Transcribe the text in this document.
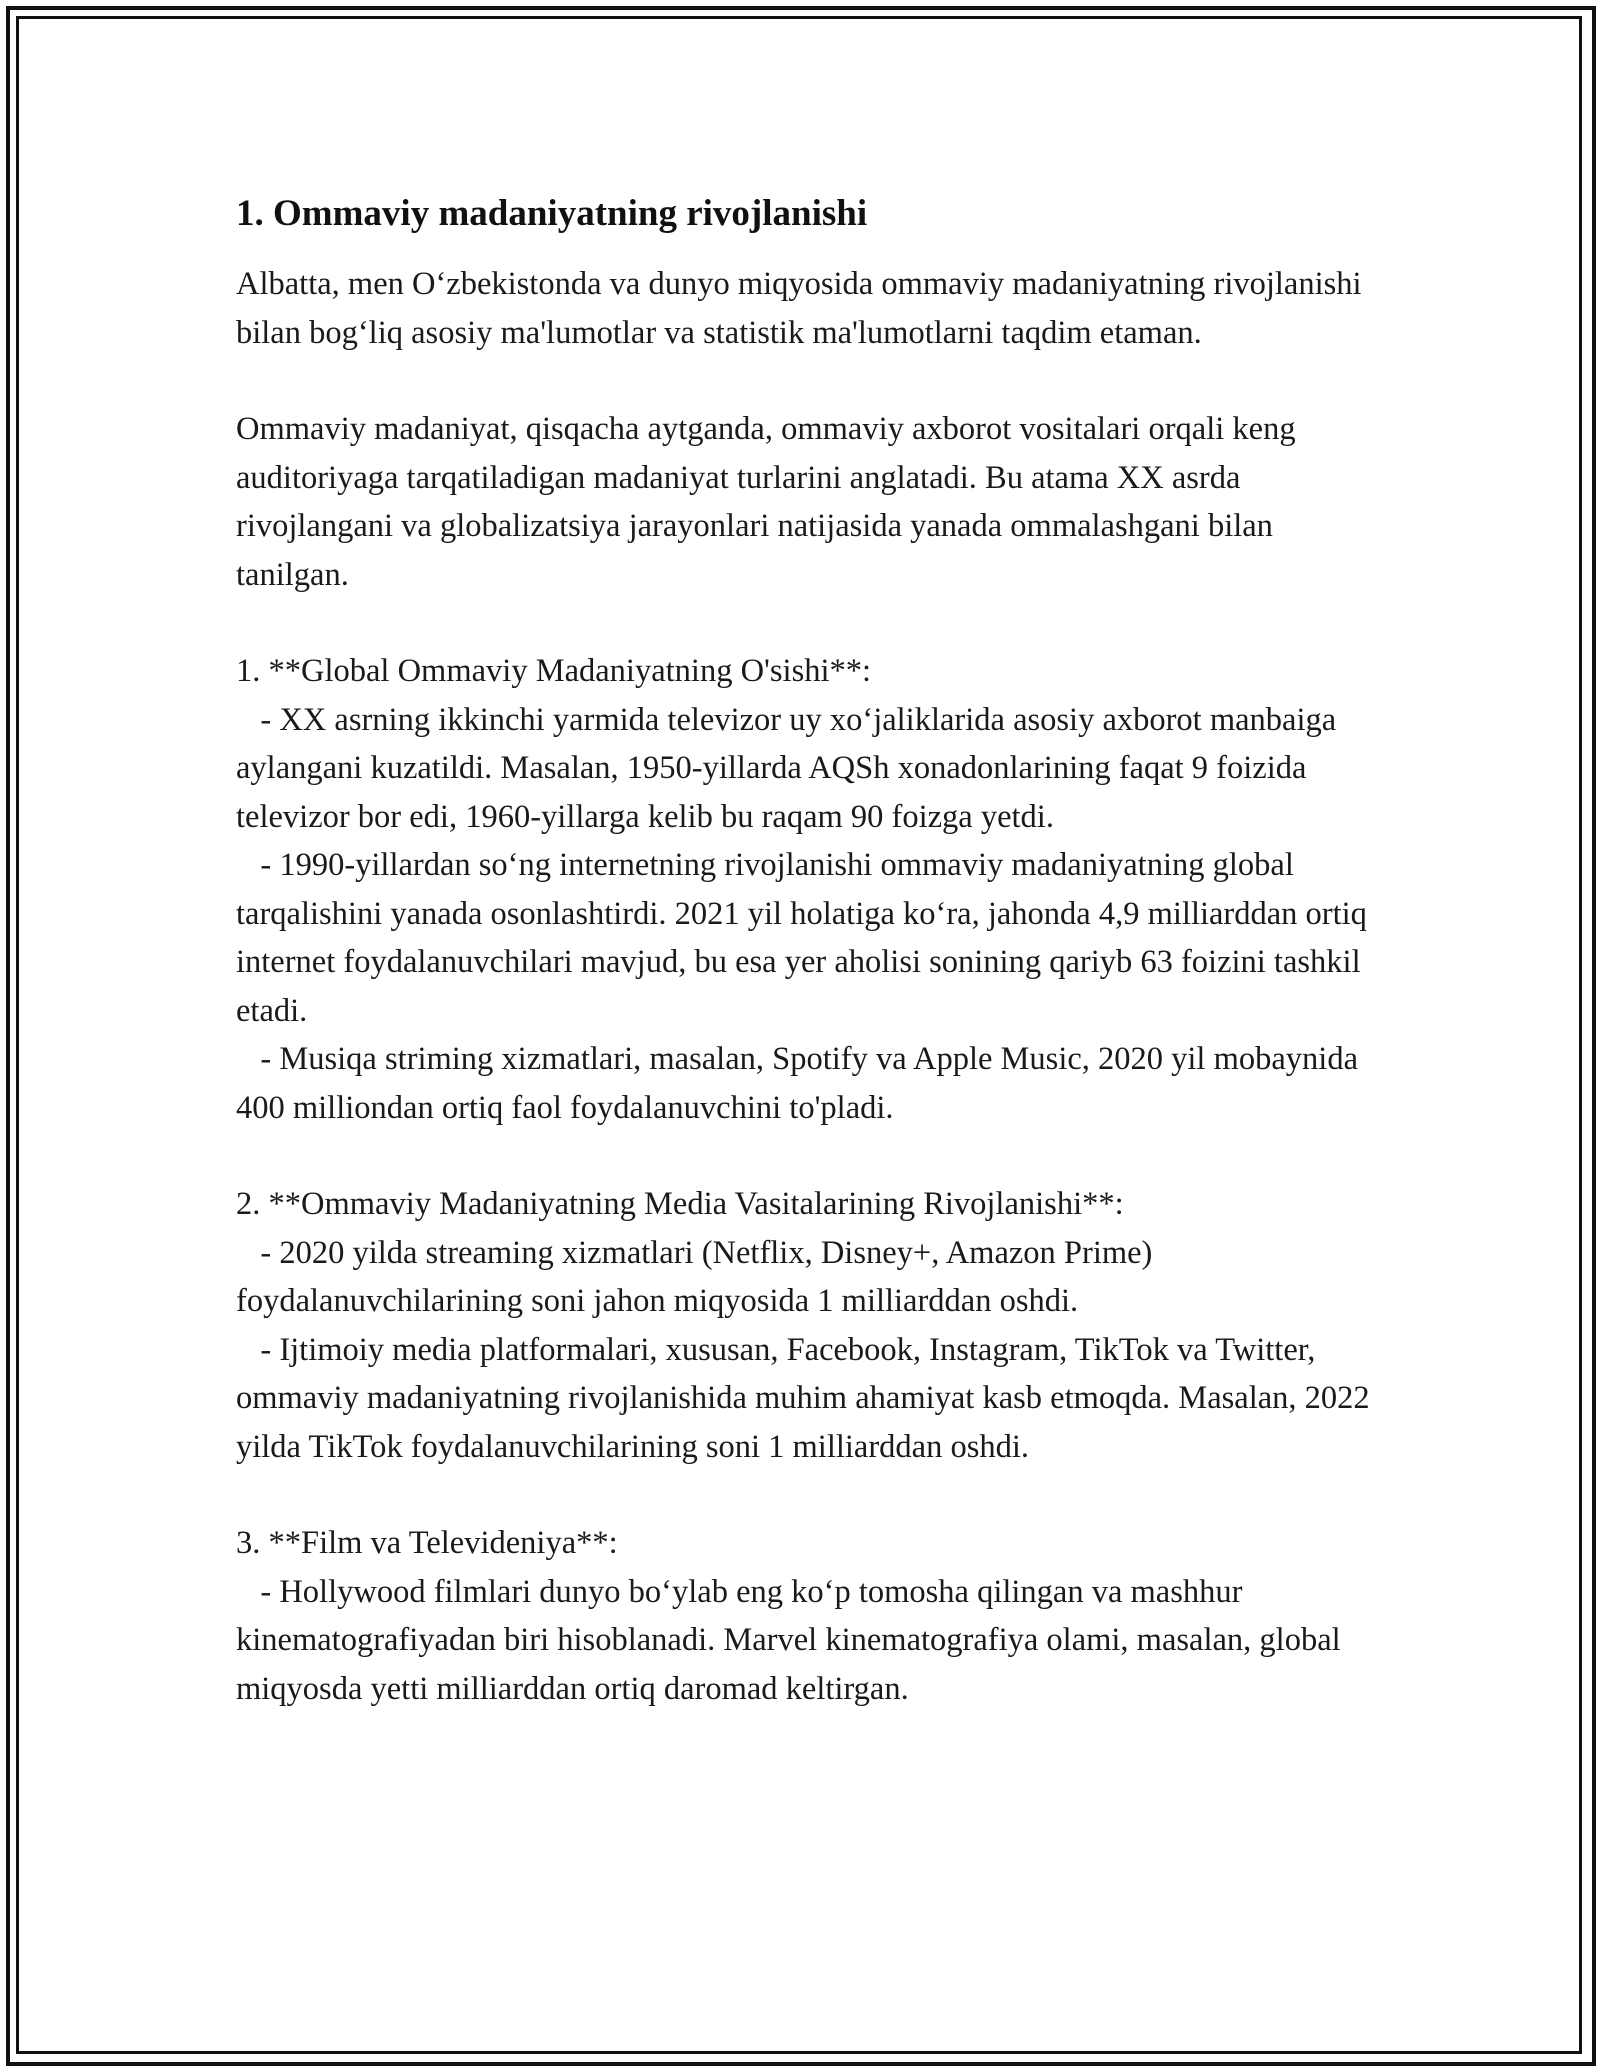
1. Ommaviy madaniyatning rivojlanishi

Albatta, men O‘zbekistonda va dunyo miqyosida ommaviy madaniyatning rivojlanishi bilan bog‘liq asosiy ma'lumotlar va statistik ma'lumotlarni taqdim etaman.

Ommaviy madaniyat, qisqacha aytganda, ommaviy axborot vositalari orqali keng auditoriyaga tarqatiladigan madaniyat turlarini anglatadi. Bu atama XX asrda rivojlangani va globalizatsiya jarayonlari natijasida yanada ommalashgani bilan tanilgan.

1. **Global Ommaviy Madaniyatning O'sishi**:
- XX asrning ikkinchi yarmida televizor uy xo‘jaliklarida asosiy axborot manbaiga aylangani kuzatildi. Masalan, 1950-yillarda AQSh xonadonlarining faqat 9 foizida televizor bor edi, 1960-yillarga kelib bu raqam 90 foizga yetdi.
- 1990-yillardan so‘ng internetning rivojlanishi ommaviy madaniyatning global tarqalishini yanada osonlashtirdi. 2021 yil holatiga ko‘ra, jahonda 4,9 milliarddan ortiq internet foydalanuvchilari mavjud, bu esa yer aholisi sonining qariyb 63 foizini tashkil etadi.
- Musiqa striming xizmatlari, masalan, Spotify va Apple Music, 2020 yil mobaynida 400 milliondan ortiq faol foydalanuvchini to'pladi.
2. **Ommaviy Madaniyatning Media Vasitalarining Rivojlanishi**:
- 2020 yilda streaming xizmatlari (Netflix, Disney+, Amazon Prime) foydalanuvchilarining soni jahon miqyosida 1 milliarddan oshdi.
- Ijtimoiy media platformalari, xususan, Facebook, Instagram, TikTok va Twitter, ommaviy madaniyatning rivojlanishida muhim ahamiyat kasb etmoqda. Masalan, 2022 yilda TikTok foydalanuvchilarining soni 1 milliarddan oshdi.
3. **Film va Televideniya**:
- Hollywood filmlari dunyo bo‘ylab eng ko‘p tomosha qilingan va mashhur kinematografiyadan biri hisoblanadi. Marvel kinematografiya olami, masalan, global miqyosda yetti milliarddan ortiq daromad keltirgan.
